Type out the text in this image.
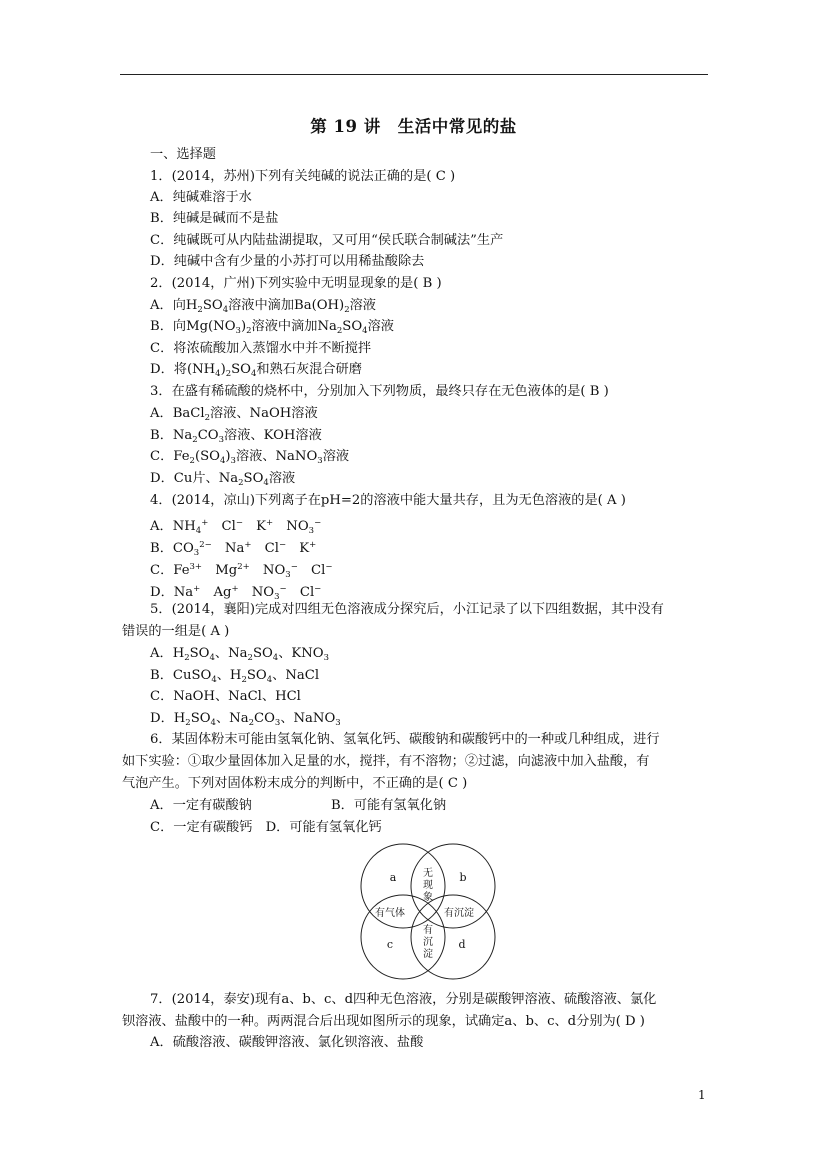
第 19 讲　生活中常见的盐
一、选择题
1．(2014，苏州)下列有关纯碱的说法正确的是( C )
A．纯碱难溶于水
B．纯碱是碱而不是盐
C．纯碱既可从内陆盐湖提取，又可用“侯氏联合制碱法”生产
D．纯碱中含有少量的小苏打可以用稀盐酸除去
2．(2014，广州)下列实验中无明显现象的是( B )
A．向$H_2SO_4$溶液中滴加$Ba(OH)_2$溶液
B．向$Mg(NO_3)_2$溶液中滴加$Na_2SO_4$溶液
C．将浓硫酸加入蒸馏水中并不断搅拌
D．将$(NH_4)_2SO_4$和熟石灰混合研磨
3．在盛有稀硫酸的烧杯中，分别加入下列物质，最终只存在无色液体的是( B )
A．BaCl$_2$溶液、NaOH溶液
B．$Na_2CO_3$溶液、KOH溶液
C．$Fe_2(SO_4)_3$溶液、NaNO$_3$溶液
D．Cu片、$Na_2SO_4$溶液
4．(2014，凉山)下列离子在pH=2的溶液中能大量共存，且为无色溶液的是( A )
A．$NH_4^+$　Cl−　K+　$NO_3^-$
B．$CO_3^{2-}$　Na+　Cl−　K+
C．$Fe^{3+}$　$Mg^{2+}$　$NO_3^-$　Cl−
D．Na+　Ag+　$NO_3^-$　Cl−
5．(2014，襄阳)完成对四组无色溶液成分探究后，小江记录了以下四组数据，其中没有
错误的一组是( A )
A．$H_2SO_4$、$Na_2SO_4$、$KNO_3$
B．CuSO$_4$、$H_2SO_4$、NaCl
C．NaOH、NaCl、HCl
D．$H_2SO_4$、$Na_2CO_3$、NaNO$_3$
6．某固体粉末可能由氢氧化钠、氢氧化钙、碳酸钠和碳酸钙中的一种或几种组成，进行
如下实验：①取少量固体加入足量的水，搅拌，有不溶物；②过滤，向滤液中加入盐酸，有
气泡产生。下列对固体粉末成分的判断中，不正确的是( C )
A．一定有碳酸钠　　　　　　B．可能有氢氧化钠
C．一定有碳酸钙　D．可能有氢氧化钙
a	b
c	d
无
现
象
有气体	有沉淀
有
沉
淀
7．(2014，泰安)现有a、b、c、d四种无色溶液，分别是碳酸钾溶液、硫酸溶液、氯化
钡溶液、盐酸中的一种。两两混合后出现如图所示的现象，试确定a、b、c、d分别为( D )
A．硫酸溶液、碳酸钾溶液、氯化钡溶液、盐酸
1
